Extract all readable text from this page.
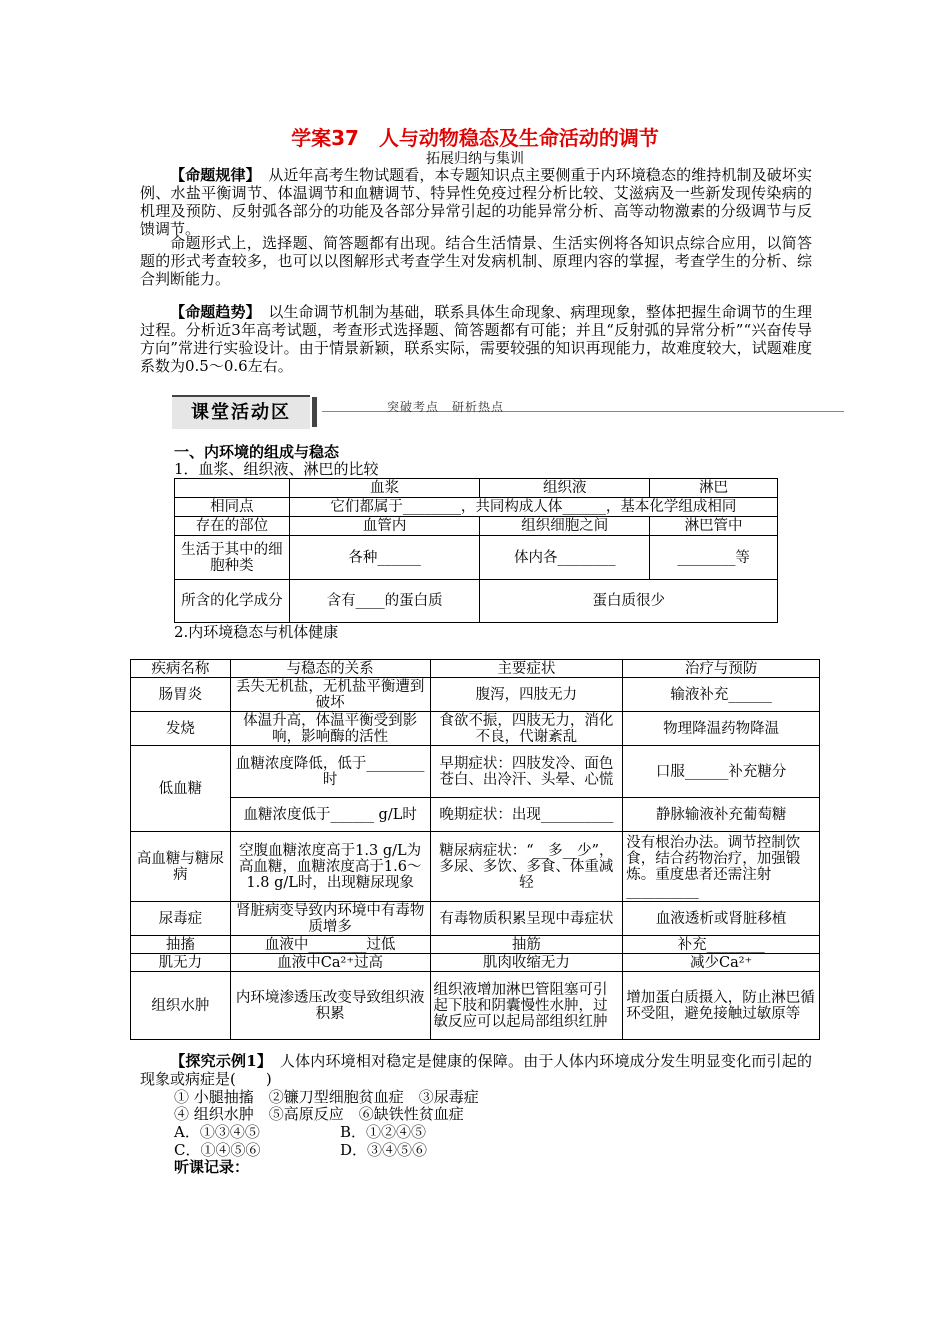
学案37　人与动物稳态及生命活动的调节
拓展归纳与集训
【命题规律】　 从近年高考生物试题看，本专题知识点主要侧重于内环境稳态的维持机制及破坏实例、水盐平衡调节、体温调节和血糖调节、特异性免疫过程分析比较、艾滋病及一些新发现传染病的机理及预防、反射弧各部分的功能及各部分异常引起的功能异常分析、高等动物激素的分级调节与反馈调节。
命题形式上，选择题、简答题都有出现。结合生活情景、生活实例将各知识点综合应用，以简答题的形式考查较多，也可以以图解形式考查学生对发病机制、原理内容的掌握，考查学生的分析、综合判断能力。
【命题趋势】　 以生命调节机制为基础，联系具体生命现象、病理现象，整体把握生命调节的生理过程。分析近3年高考试题，考查形式选择题、简答题都有可能；并且“反射弧的异常分析”“兴奋传导方向”常进行实验设计。由于情景新颖，联系实际，需要较强的知识再现能力，故难度较大，试题难度系数为0.5～0.6左右。
课堂活动区	突破考点　研析热点
一、内环境的组成与稳态
1．血浆、组织液、淋巴的比较
	血浆	组织液	淋巴
相同点	它们都属于________，共同构成人体______，基本化学组成相同		
存在的部位	血管内	组织细胞之间	淋巴管中
生活于其中的细胞种类	各种______	体内各________	________等
所含的化学成分	含有____的蛋白质	蛋白质很少	
2.内环境稳态与机体健康
疾病名称	与稳态的关系	主要症状	治疗与预防
肠胃炎	丢失无机盐，无机盐平衡遭到破坏	腹泻，四肢无力	输液补充______
发烧	体温升高，体温平衡受到影响，影响酶的活性	食欲不振，四肢无力，消化不良，代谢紊乱	物理降温药物降温
低血糖	血糖浓度降低，低于________时	早期症状：四肢发冷、面色苍白、出冷汗、头晕、心慌	口服______补充糖分
	血糖浓度低于______ g/L时	晚期症状：出现__________	静脉输液补充葡萄糖
高血糖与糖尿病	空腹血糖浓度高于1.3 g/L为高血糖，血糖浓度高于1.6～1.8 g/L时，出现糖尿现象	糖尿病症状：“__多__少”，多尿、多饮、多食、体重减轻	没有根治办法。调节控制饮食，结合药物治疗，加强锻炼。重度患者还需注射__________
尿毒症	肾脏病变导致内环境中有毒物质增多	有毒物质积累呈现中毒症状	血液透析或肾脏移植
抽搐	血液中________过低	抽筋	补充________
肌无力	血液中Ca²⁺过高	肌肉收缩无力	减少Ca²⁺
组织水肿	内环境渗透压改变导致组织液积累	组织液增加淋巴管阻塞可引起下肢和阴囊慢性水肿，过敏反应可以起局部组织红肿	增加蛋白质摄入，防止淋巴循环受阻，避免接触过敏原等
【探究示例1】　 人体内环境相对稳定是健康的保障。由于人体内环境成分发生明显变化而引起的现象或病症是(　　)
① 小腿抽搐　②镰刀型细胞贫血症　③尿毒症
④ 组织水肿　⑤高原反应　⑥缺铁性贫血症
A．①③④⑤	B．①②④⑤
C．①④⑤⑥	D．③④⑤⑥
听课记录：
